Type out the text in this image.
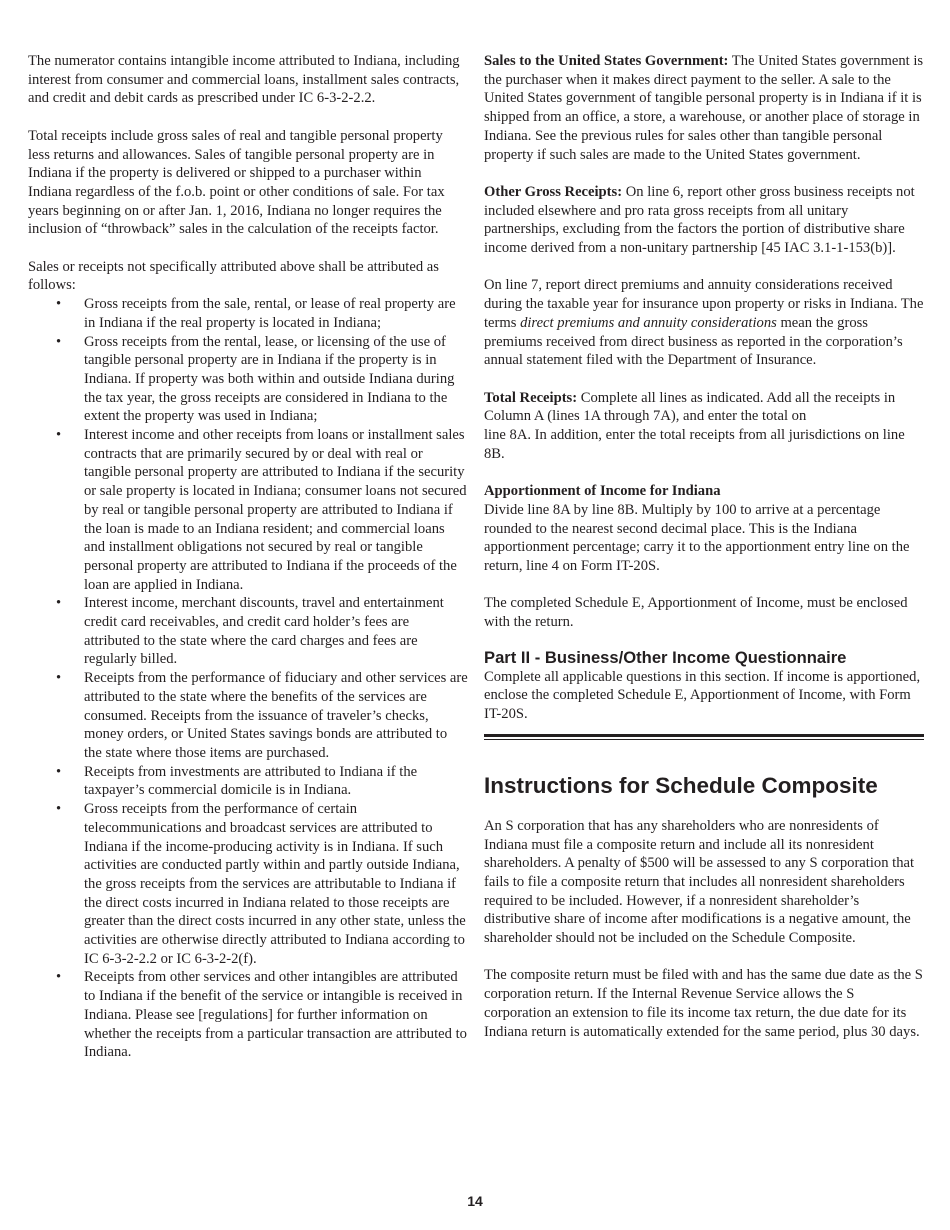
The numerator contains intangible income attributed to Indiana, including interest from consumer and commercial loans, installment sales contracts, and credit and debit cards as prescribed under IC 6-3-2-2.2.

Total receipts include gross sales of real and tangible personal property less returns and allowances. Sales of tangible personal property are in Indiana if the property is delivered or shipped to a purchaser within Indiana regardless of the f.o.b. point or other conditions of sale. For tax years beginning on or after Jan. 1, 2016, Indiana no longer requires the inclusion of “throwback” sales in the calculation of the receipts factor.

Sales or receipts not specifically attributed above shall be attributed as follows:

• Gross receipts from the sale, rental, or lease of real property are in Indiana if the real property is located in Indiana;
• Gross receipts from the rental, lease, or licensing of the use of tangible personal property are in Indiana if the property is in Indiana. If property was both within and outside Indiana during the tax year, the gross receipts are considered in Indiana to the extent the property was used in Indiana;
• Interest income and other receipts from loans or installment sales contracts that are primarily secured by or deal with real or tangible personal property are attributed to Indiana if the security or sale property is located in Indiana; consumer loans not secured by real or tangible personal property are attributed to Indiana if the loan is made to an Indiana resident; and commercial loans and installment obligations not secured by real or tangible personal property are attributed to Indiana if the proceeds of the loan are applied in Indiana.
• Interest income, merchant discounts, travel and entertainment credit card receivables, and credit card holder’s fees are attributed to the state where the card charges and fees are regularly billed.
• Receipts from the performance of fiduciary and other services are attributed to the state where the benefits of the services are consumed. Receipts from the issuance of traveler’s checks, money orders, or United States savings bonds are attributed to the state where those items are purchased.
• Receipts from investments are attributed to Indiana if the taxpayer’s commercial domicile is in Indiana.
• Gross receipts from the performance of certain telecommunications and broadcast services are attributed to Indiana if the income-producing activity is in Indiana. If such activities are conducted partly within and partly outside Indiana, the gross receipts from the services are attributable to Indiana if the direct costs incurred in Indiana related to those receipts are greater than the direct costs incurred in any other state, unless the activities are otherwise directly attributed to Indiana according to IC 6-3-2-2.2 or IC 6-3-2-2(f).
• Receipts from other services and other intangibles are attributed to Indiana if the benefit of the service or intangible is received in Indiana. Please see [regulations] for further information on whether the receipts from a particular transaction are attributed to Indiana.

Sales to the United States Government: The United States government is the purchaser when it makes direct payment to the seller. A sale to the United States government of tangible personal property is in Indiana if it is shipped from an office, a store, a warehouse, or another place of storage in Indiana. See the previous rules for sales other than tangible personal property if such sales are made to the United States government.

Other Gross Receipts: On line 6, report other gross business receipts not included elsewhere and pro rata gross receipts from all unitary partnerships, excluding from the factors the portion of distributive share income derived from a non-unitary partnership [45 IAC 3.1-1-153(b)].

On line 7, report direct premiums and annuity considerations received during the taxable year for insurance upon property or risks in Indiana. The terms direct premiums and annuity considerations mean the gross premiums received from direct business as reported in the corporation’s annual statement filed with the Department of Insurance.

Total Receipts: Complete all lines as indicated. Add all the receipts in Column A (lines 1A through 7A), and enter the total on
line 8A. In addition, enter the total receipts from all jurisdictions on line 8B.

Apportionment of Income for Indiana
Divide line 8A by line 8B. Multiply by 100 to arrive at a percentage rounded to the nearest second decimal place. This is the Indiana apportionment percentage; carry it to the apportionment entry line on the return, line 4 on Form IT-20S.

The completed Schedule E, Apportionment of Income, must be enclosed with the return.

Part II - Business/Other Income Questionnaire

Complete all applicable questions in this section. If income is apportioned, enclose the completed Schedule E, Apportionment of Income, with Form IT-20S.

Instructions for Schedule Composite

An S corporation that has any shareholders who are nonresidents of Indiana must file a composite return and include all its nonresident shareholders. A penalty of $500 will be assessed to any S corporation that fails to file a composite return that includes all nonresident shareholders required to be included. However, if a nonresident shareholder’s distributive share of income after modifications is a negative amount, the shareholder should not be included on the Schedule Composite.

The composite return must be filed with and has the same due date as the S corporation return. If the Internal Revenue Service allows the S corporation an extension to file its income tax return, the due date for its Indiana return is automatically extended for the same period, plus 30 days.

14
